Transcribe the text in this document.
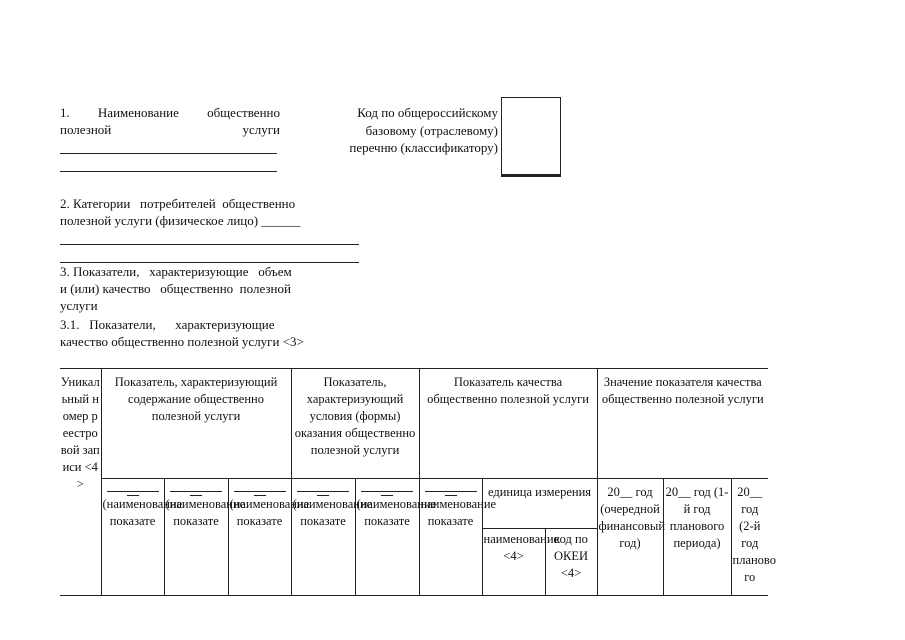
1. Наименование общественно
полезной	услуги
Код по общероссийскому
базовому (отраслевому)
перечню (классификатору)
2. Категории   потребителей  общественно
полезной услуги (физическое лицо) ______
3. Показатели,   характеризующие   объем
и (или) качество   общественно  полезной
услуги
3.1.   Показатели,      характеризующие
качество общественно полезной услуги <3>
Уникальный номер реестровой записи <4>	Показатель, характеризующий содержание общественно полезной услуги			Показатель, характеризующий условия (формы) оказания общественно полезной услуги		Показатель качества общественно полезной услуги			Значение показателя качества общественно полезной услуги		

(наименование показате	(наименование показате	(наименование показате	(наименование показате	(наименование показате	наименование показате	единица измерения		20__ год (очередной финансовый год)	20__ год (1-й год планового периода)	20__ год (2-й год планово го
							наименование <4>	код по ОКЕИ <4>			
